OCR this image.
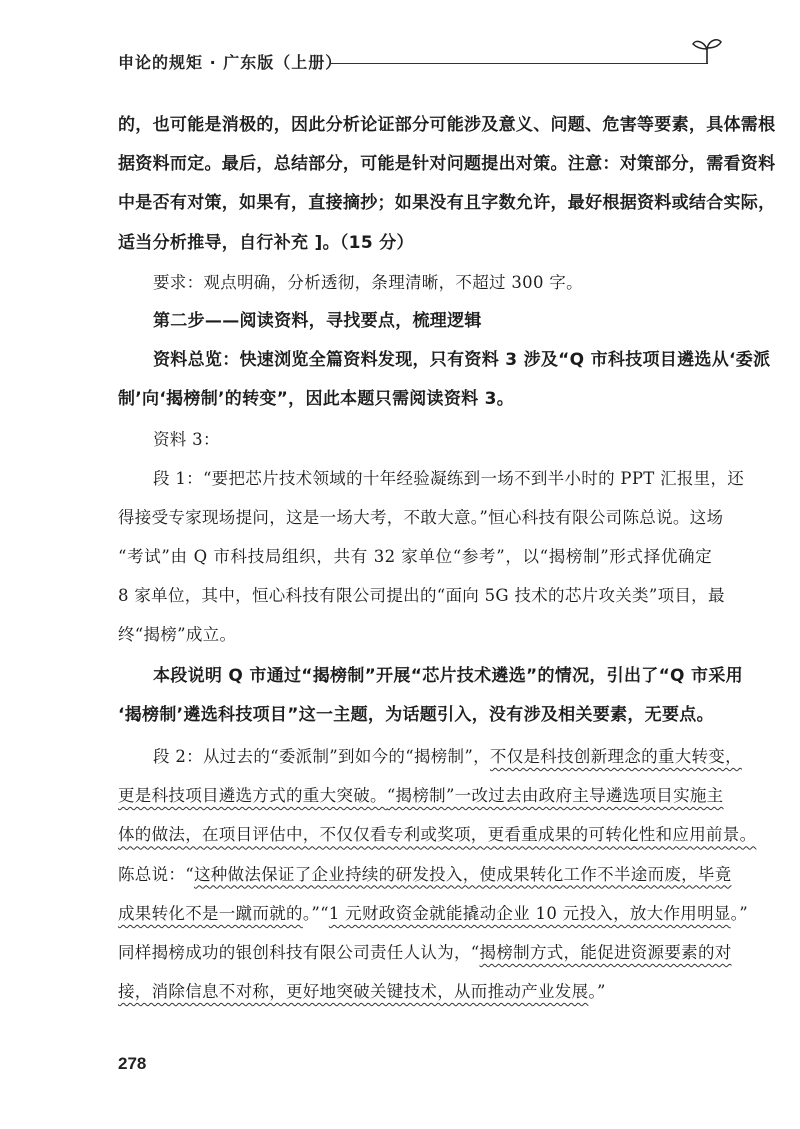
申论的规矩 · 广东版（上册）
的，也可能是消极的，因此分析论证部分可能涉及意义、问题、危害等要素，具体需根
据资料而定。最后，总结部分，可能是针对问题提出对策。注意：对策部分，需看资料
中是否有对策，如果有，直接摘抄；如果没有且字数允许，最好根据资料或结合实际，
适当分析推导，自行补充 ]。（15 分）
要求：观点明确，分析透彻，条理清晰，不超过 300 字。
第二步——阅读资料，寻找要点，梳理逻辑
资料总览：快速浏览全篇资料发现，只有资料 3 涉及“Q 市科技项目遴选从‘委派
制’向‘揭榜制’的转变”，因此本题只需阅读资料 3。
资料 3：
段 1：“要把芯片技术领域的十年经验凝练到一场不到半小时的 PPT 汇报里，还
得接受专家现场提问，这是一场大考，不敢大意。”恒心科技有限公司陈总说。这场
“考试”由 Q 市科技局组织，共有 32 家单位“参考”，以“揭榜制”形式择优确定
8 家单位，其中，恒心科技有限公司提出的“面向 5G 技术的芯片攻关类”项目，最
终“揭榜”成立。
本段说明 Q 市通过“揭榜制”开展“芯片技术遴选”的情况，引出了“Q 市采用
‘揭榜制’遴选科技项目”这一主题，为话题引入，没有涉及相关要素，无要点。
段 2：从过去的“委派制”到如今的“揭榜制”，不仅是科技创新理念的重大转变，
更是科技项目遴选方式的重大突破。“揭榜制”一改过去由政府主导遴选项目实施主
体的做法，在项目评估中，不仅仅看专利或奖项，更看重成果的可转化性和应用前景。
陈总说：“这种做法保证了企业持续的研发投入，使成果转化工作不半途而废，毕竟
成果转化不是一蹴而就的。”“1 元财政资金就能撬动企业 10 元投入，放大作用明显。”
同样揭榜成功的银创科技有限公司责任人认为，“揭榜制方式，能促进资源要素的对
接，消除信息不对称，更好地突破关键技术，从而推动产业发展。”
278
